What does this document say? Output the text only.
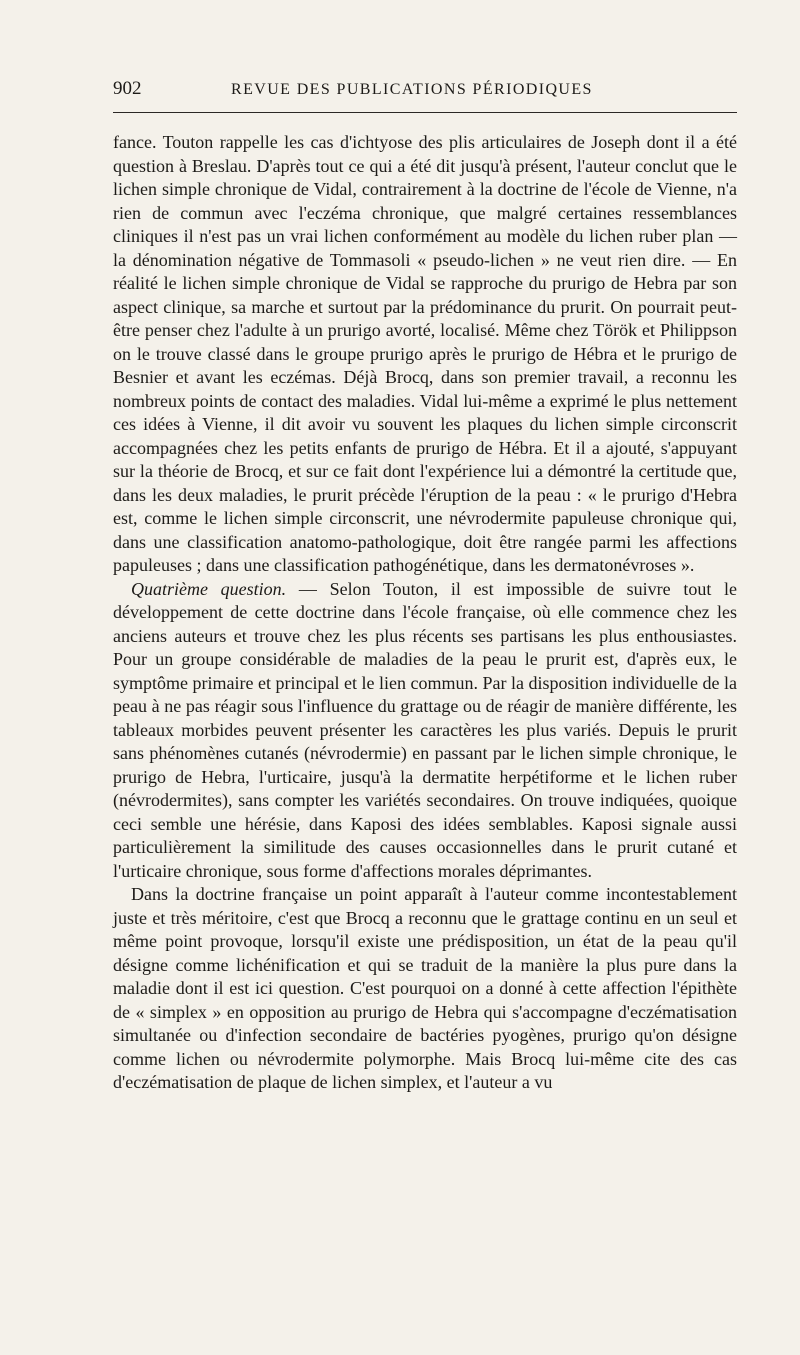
902	REVUE DES PUBLICATIONS PÉRIODIQUES

fance. Touton rappelle les cas d'ichtyose des plis articulaires de Joseph dont il a été question à Breslau. D'après tout ce qui a été dit jusqu'à présent, l'auteur conclut que le lichen simple chronique de Vidal, contrairement à la doctrine de l'école de Vienne, n'a rien de commun avec l'eczéma chronique, que malgré certaines ressemblances cliniques il n'est pas un vrai lichen conformément au modèle du lichen ruber plan — la dénomination négative de Tommasoli « pseudo-lichen » ne veut rien dire. — En réalité le lichen simple chronique de Vidal se rapproche du prurigo de Hebra par son aspect clinique, sa marche et surtout par la prédominance du prurit. On pourrait peut-être penser chez l'adulte à un prurigo avorté, localisé. Même chez Török et Philippson on le trouve classé dans le groupe prurigo après le prurigo de Hébra et le prurigo de Besnier et avant les eczémas. Déjà Brocq, dans son premier travail, a reconnu les nombreux points de contact des maladies. Vidal lui-même a exprimé le plus nettement ces idées à Vienne, il dit avoir vu souvent les plaques du lichen simple circonscrit accompagnées chez les petits enfants de prurigo de Hébra. Et il a ajouté, s'appuyant sur la théorie de Brocq, et sur ce fait dont l'expérience lui a démontré la certitude que, dans les deux maladies, le prurit précède l'éruption de la peau : « le prurigo d'Hebra est, comme le lichen simple circonscrit, une névrodermite papuleuse chronique qui, dans une classification anatomo-pathologique, doit être rangée parmi les affections papuleuses ; dans une classification pathogénétique, dans les dermatonévroses ».

Quatrième question. — Selon Touton, il est impossible de suivre tout le développement de cette doctrine dans l'école française, où elle commence chez les anciens auteurs et trouve chez les plus récents ses partisans les plus enthousiastes. Pour un groupe considérable de maladies de la peau le prurit est, d'après eux, le symptôme primaire et principal et le lien commun. Par la disposition individuelle de la peau à ne pas réagir sous l'influence du grattage ou de réagir de manière différente, les tableaux morbides peuvent présenter les caractères les plus variés. Depuis le prurit sans phénomènes cutanés (névrodermie) en passant par le lichen simple chronique, le prurigo de Hebra, l'urticaire, jusqu'à la dermatite herpétiforme et le lichen ruber (névrodermites), sans compter les variétés secondaires. On trouve indiquées, quoique ceci semble une hérésie, dans Kaposi des idées semblables. Kaposi signale aussi particulièrement la similitude des causes occasionnelles dans le prurit cutané et l'urticaire chronique, sous forme d'affections morales déprimantes.

Dans la doctrine française un point apparaît à l'auteur comme incontestablement juste et très méritoire, c'est que Brocq a reconnu que le grattage continu en un seul et même point provoque, lorsqu'il existe une prédisposition, un état de la peau qu'il désigne comme lichénification et qui se traduit de la manière la plus pure dans la maladie dont il est ici question. C'est pourquoi on a donné à cette affection l'épithète de « simplex » en opposition au prurigo de Hebra qui s'accompagne d'eczématisation simultanée ou d'infection secondaire de bactéries pyogènes, prurigo qu'on désigne comme lichen ou névrodermite polymorphe. Mais Brocq lui-même cite des cas d'eczématisation de plaque de lichen simplex, et l'auteur a vu
